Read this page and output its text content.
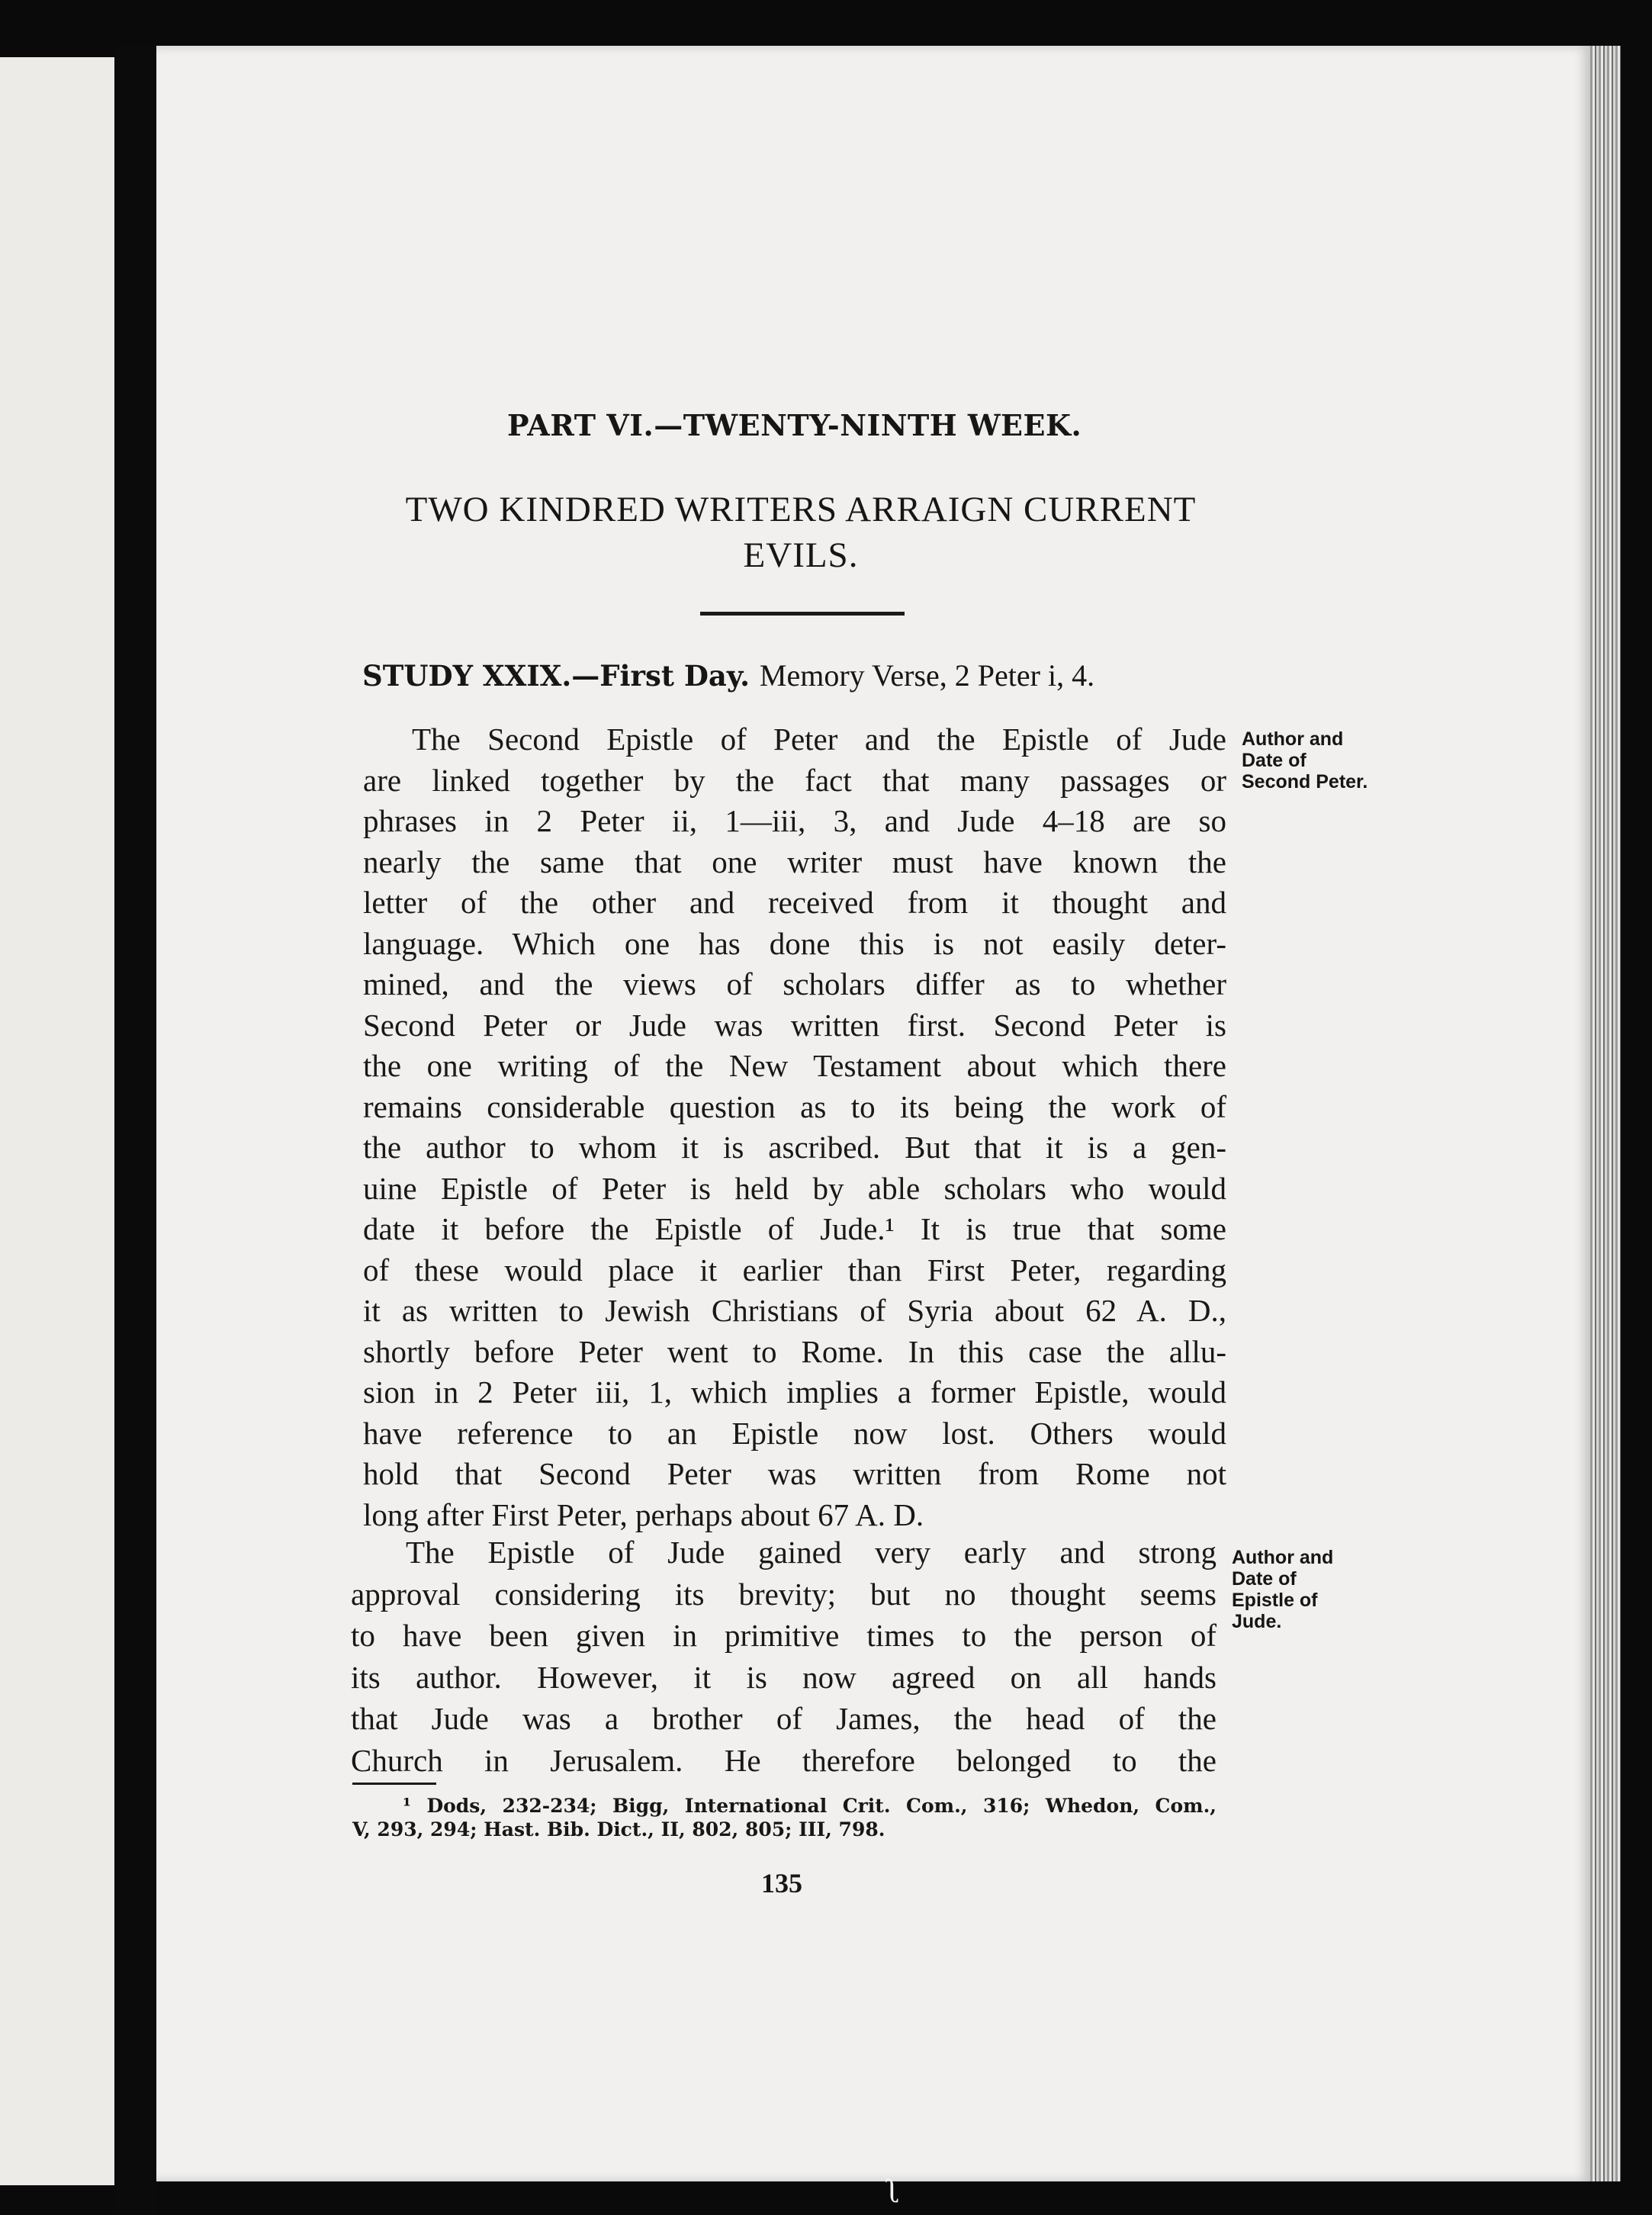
PART VI.—TWENTY-NINTH WEEK.
TWO KINDRED WRITERS ARRAIGN CURRENT
EVILS.
STUDY XXIX.—First Day. Memory Verse, 2 Peter i, 4.
The Second Epistle of Peter and the Epistle of Jude
are linked together by the fact that many passages or
phrases in 2 Peter ii, 1—iii, 3, and Jude 4–18 are so
nearly the same that one writer must have known the
letter of the other and received from it thought and
language. Which one has done this is not easily deter-
mined, and the views of scholars differ as to whether
Second Peter or Jude was written first. Second Peter is
the one writing of the New Testament about which there
remains considerable question as to its being the work of
the author to whom it is ascribed. But that it is a gen-
uine Epistle of Peter is held by able scholars who would
date it before the Epistle of Jude.¹ It is true that some
of these would place it earlier than First Peter, regarding
it as written to Jewish Christians of Syria about 62 A. D.,
shortly before Peter went to Rome. In this case the allu-
sion in 2 Peter iii, 1, which implies a former Epistle, would
have reference to an Epistle now lost. Others would
hold that Second Peter was written from Rome not
long after First Peter, perhaps about 67 A. D.
The Epistle of Jude gained very early and strong
approval considering its brevity; but no thought seems
to have been given in primitive times to the person of
its author. However, it is now agreed on all hands
that Jude was a brother of James, the head of the
Church in Jerusalem. He therefore belonged to the
Author and
Date of
Second Peter.
Author and
Date of
Epistle of
Jude.
¹ Dods, 232-234; Bigg, International Crit. Com., 316; Whedon, Com.,
V, 293, 294; Hast. Bib. Dict., II, 802, 805; III, 798.
135
ʅ
